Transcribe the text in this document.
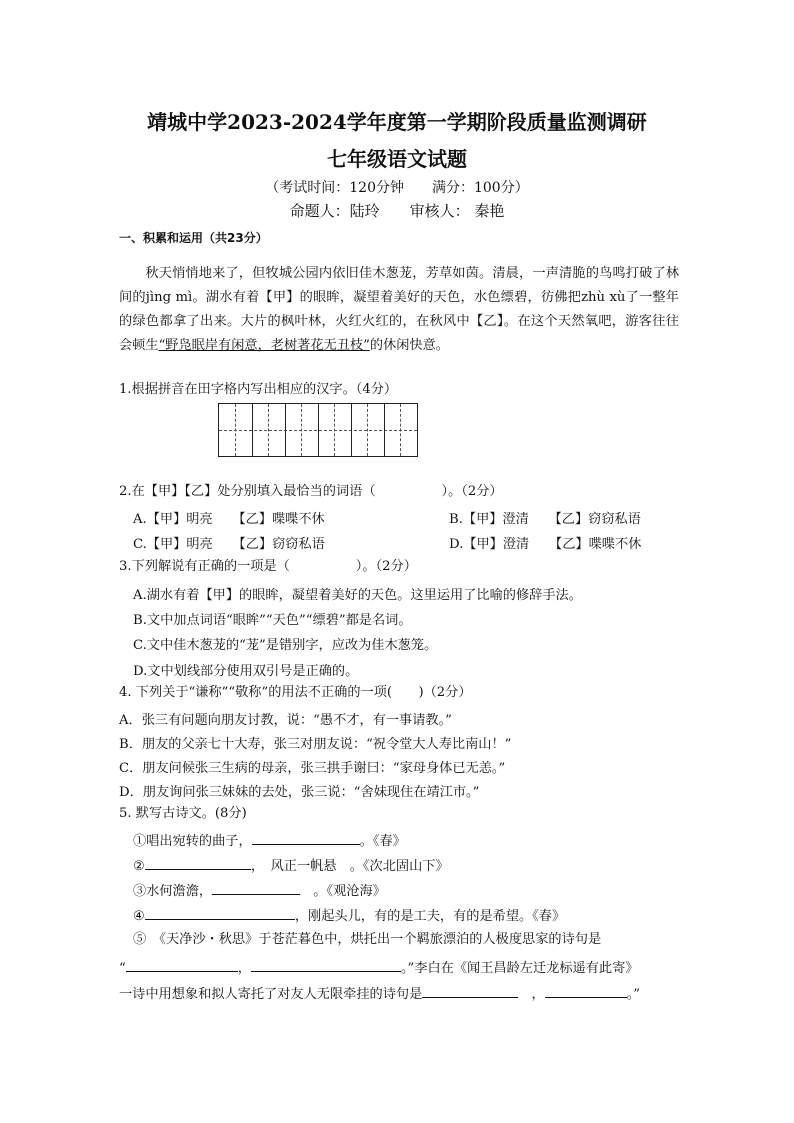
靖城中学2023-2024学年度第一学期阶段质量监测调研
七年级语文试题
（考试时间：120分钟　　满分：100分）
命题人：陆玲　　审核人： 秦艳
一、积累和运用（共23分）

秋天悄悄地来了，但牧城公园内依旧佳木葱茏，芳草如茵。清晨，一声清脆的鸟鸣打破了林间的jìng mì。湖水有着【甲】的眼眸，凝望着美好的天色，水色缥碧，彷佛把zhù xù了一整年的绿色都拿了出来。大片的枫叶林，火红火红的，在秋风中【乙】。在这个天然氧吧，游客往往会顿生“野凫眠岸有闲意，老树著花无丑枝”的休闲快意。

1.根据拼音在田字格内写出相应的汉字。（4分）
2.在【甲】【乙】处分别填入最恰当的词语（　　　　　）。（2分）
A.【甲】明亮　　【乙】喋喋不休	B.【甲】澄清　　【乙】窃窃私语
C.【甲】明亮　　【乙】窃窃私语	D.【甲】澄清　　【乙】喋喋不休
3.下列解说有正确的一项是（　　　　　）。（2分）
A.湖水有着【甲】的眼眸，凝望着美好的天色。这里运用了比喻的修辞手法。
B.文中加点词语“眼眸”“天色”“缥碧”都是名词。
C.文中佳木葱茏的“茏”是错别字，应改为佳木葱笼。
D.文中划线部分使用双引号是正确的。
4. 下列关于“谦称”“敬称”的用法不正确的一项(　　)（2分）
A．张三有问题向朋友讨教，说：“愚不才，有一事请教。”
B．朋友的父亲七十大寿，张三对朋友说：“祝令堂大人寿比南山！”
C．朋友问候张三生病的母亲，张三拱手谢曰：“家母身体已无恙。”
D．朋友询问张三妹妹的去处，张三说：“舍妹现住在靖江市。”
5. 默写古诗文。(8分)
①唱出宛转的曲子，	。《春》
②	，　风正一帆悬　。《次北固山下》
③水何澹澹，	　。《观沧海》
④	，刚起头儿，有的是工夫，有的是希望。《春》
⑤　《天净沙・秋思》于苍茫暮色中，烘托出一个羁旅漂泊的人极度思家的诗句是
“	，	。”李白在《闻王昌龄左迁龙标遥有此寄》
一诗中用想象和拟人寄托了对友人无限牵挂的诗句是	　，	。”
